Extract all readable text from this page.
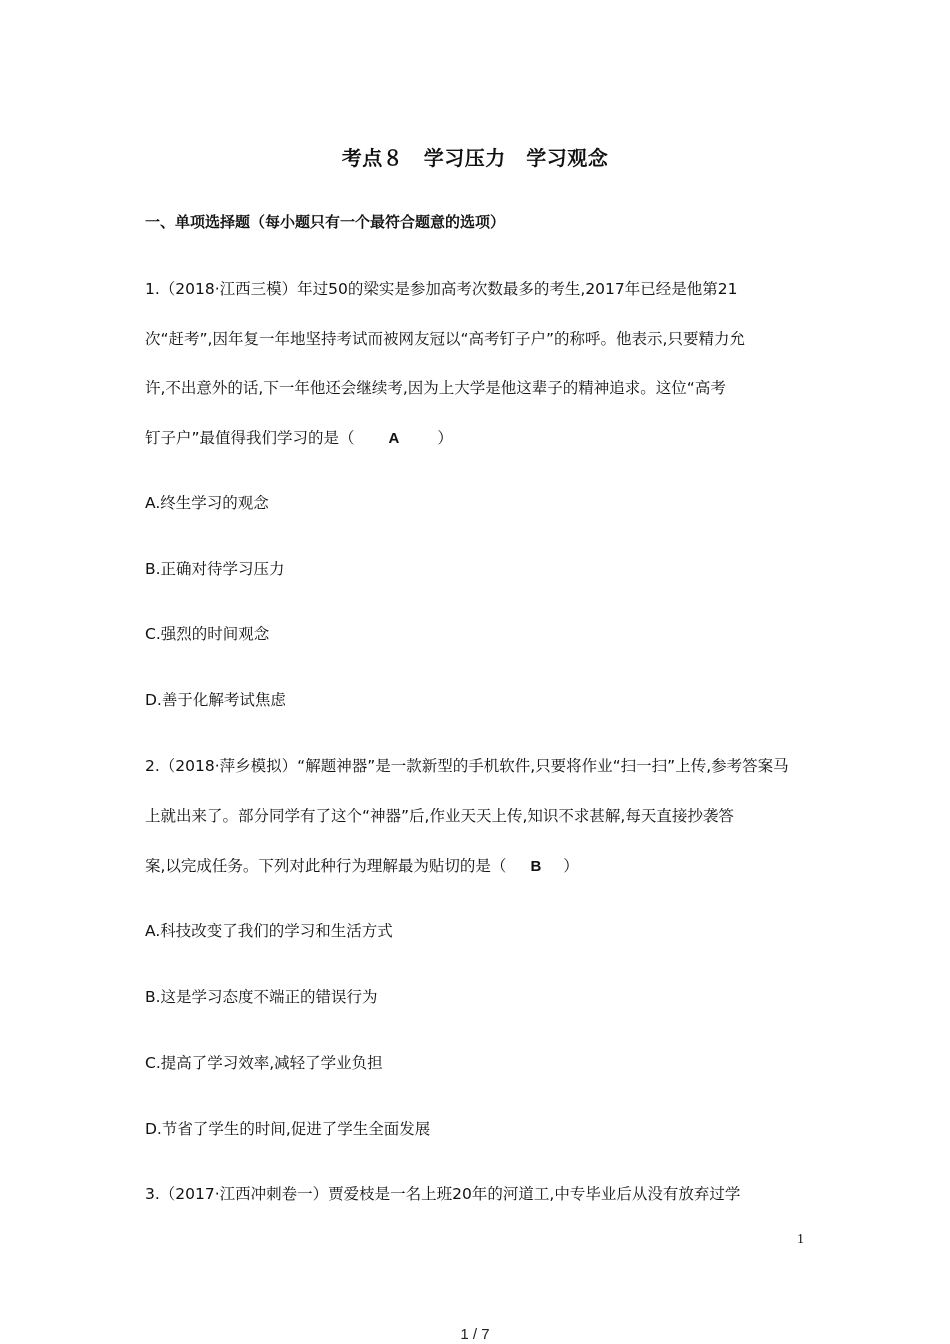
考点８　学习压力　学习观念
一、单项选择题（每小题只有一个最符合题意的选项）
1.（2018·江西三模）年过50的梁实是参加高考次数最多的考生,2017年已经是他第21
次“赶考”,因年复一年地坚持考试而被网友冠以“高考钉子户”的称呼。他表示,只要精力允
许,不出意外的话,下一年他还会继续考,因为上大学是他这辈子的精神追求。这位“高考
钉子户”最值得我们学习的是（ A ）
A.终生学习的观念
B.正确对待学习压力
C.强烈的时间观念
D.善于化解考试焦虑
2.（2018·萍乡模拟）“解题神器”是一款新型的手机软件,只要将作业“扫一扫”上传,参考答案马
上就出来了。部分同学有了这个“神器”后,作业天天上传,知识不求甚解,每天直接抄袭答
案,以完成任务。下列对此种行为理解最为贴切的是（ B ）
A.科技改变了我们的学习和生活方式
B.这是学习态度不端正的错误行为
C.提高了学习效率,减轻了学业负担
D.节省了学生的时间,促进了学生全面发展
3.（2017·江西冲刺卷一）贾爱枝是一名上班20年的河道工,中专毕业后从没有放弃过学
1
1 / 7
